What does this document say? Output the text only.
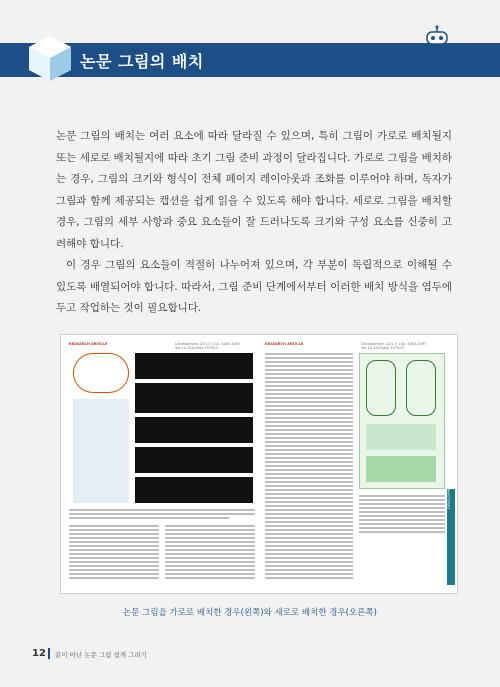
논문 그림의 배치

논문 그림의 배치는 여러 요소에 따라 달라질 수 있으며, 특히 그림이 가로로 배치될지 또는 세로로 배치될지에 따라 초기 그림 준비 과정이 달라집니다. 가로로 그림을 배치하는 경우, 그림의 크기와 형식이 전체 페이지 레이아웃과 조화를 이루어야 하며, 독자가 그림과 함께 제공되는 캡션을 쉽게 읽을 수 있도록 해야 합니다. 세로로 그림을 배치할 경우, 그림의 세부 사항과 중요 요소들이 잘 드러나도록 크기와 구성 요소를 신중히 고려해야 합니다.

이 경우 그림의 요소들이 적절히 나누어져 있으며, 각 부분이 독립적으로 이해될 수 있도록 배열되어야 합니다. 따라서, 그림 준비 단계에서부터 이러한 배치 방식을 염두에 두고 작업하는 것이 필요합니다.

RESEARCH ARTICLE	Development (2017) 144, 4483-4497 doi:10.1242/dev.157503
RESEARCH ARTICLE	Development (2017) 144, 4483-4497 doi:10.1242/dev.157503
DEVELOPMENT
논문 그림을 가로로 배치한 경우(왼쪽)와 세로로 배치한 경우(오른쪽)
12 끝이 아닌 논문 그림 쉽게 그리기
